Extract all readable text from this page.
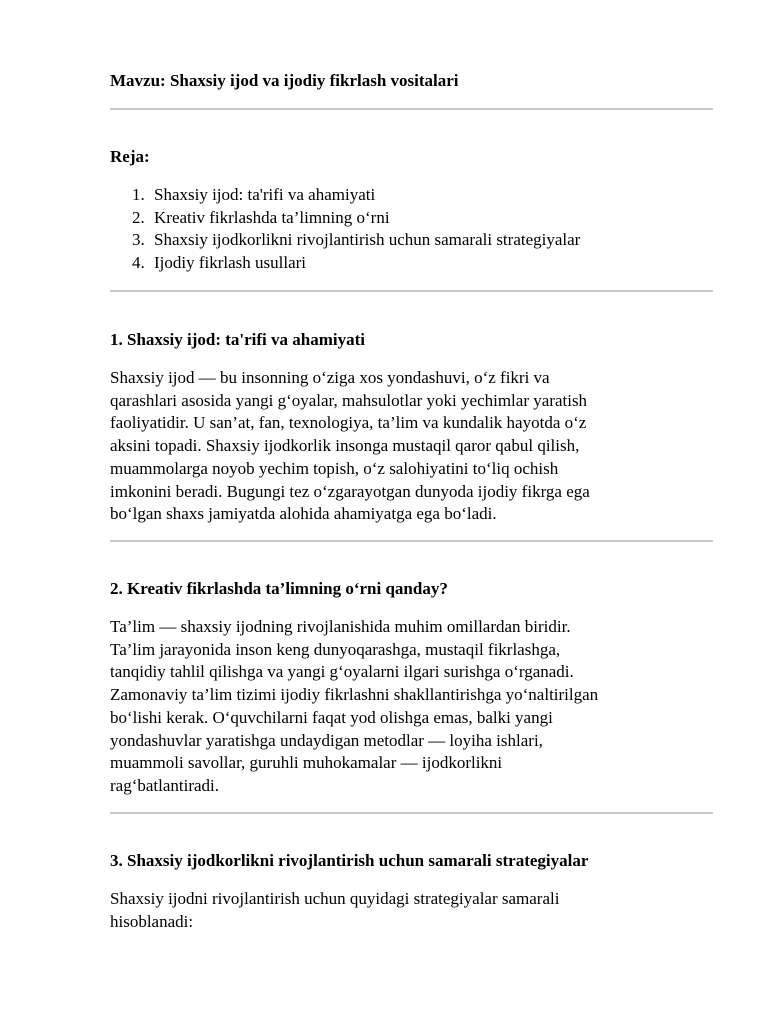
Mavzu: Shaxsiy ijod va ijodiy fikrlash vositalari
Reja:
1. Shaxsiy ijod: ta'rifi va ahamiyati
2. Kreativ fikrlashda ta’limning o‘rni
3. Shaxsiy ijodkorlikni rivojlantirish uchun samarali strategiyalar
4. Ijodiy fikrlash usullari
1. Shaxsiy ijod: ta'rifi va ahamiyati

Shaxsiy ijod — bu insonning o‘ziga xos yondashuvi, o‘z fikri va
qarashlari asosida yangi g‘oyalar, mahsulotlar yoki yechimlar yaratish
faoliyatidir. U san’at, fan, texnologiya, ta’lim va kundalik hayotda o‘z
aksini topadi. Shaxsiy ijodkorlik insonga mustaqil qaror qabul qilish,
muammolarga noyob yechim topish, o‘z salohiyatini to‘liq ochish
imkonini beradi. Bugungi tez o‘zgarayotgan dunyoda ijodiy fikrga ega
bo‘lgan shaxs jamiyatda alohida ahamiyatga ega bo‘ladi.

2. Kreativ fikrlashda ta’limning o‘rni qanday?

Ta’lim — shaxsiy ijodning rivojlanishida muhim omillardan biridir.
Ta’lim jarayonida inson keng dunyoqarashga, mustaqil fikrlashga,
tanqidiy tahlil qilishga va yangi g‘oyalarni ilgari surishga o‘rganadi.
Zamonaviy ta’lim tizimi ijodiy fikrlashni shakllantirishga yo‘naltirilgan
bo‘lishi kerak. O‘quvchilarni faqat yod olishga emas, balki yangi
yondashuvlar yaratishga undaydigan metodlar — loyiha ishlari,
muammoli savollar, guruhli muhokamalar — ijodkorlikni
rag‘batlantiradi.

3. Shaxsiy ijodkorlikni rivojlantirish uchun samarali strategiyalar

Shaxsiy ijodni rivojlantirish uchun quyidagi strategiyalar samarali
hisoblanadi:
